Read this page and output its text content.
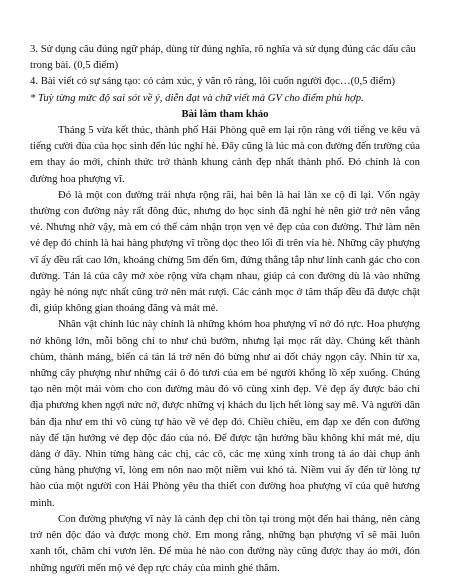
3. Sử dụng câu đúng ngữ pháp, dùng từ đúng nghĩa, rõ nghĩa và sử dụng đúng các dấu câu trong bài. (0,5 điểm)

4. Bài viết có sự sáng tạo: có cảm xúc, ý văn rõ ràng, lôi cuốn người đọc…(0,5 điểm)

* Tuỳ từng mức độ sai sót về ý, diễn đạt và chữ viết mà GV cho điểm phù hợp.

Bài làm tham khảo

Tháng 5 vừa kết thúc, thành phố Hải Phòng quê em lại rộn ràng với tiếng ve kêu và tiếng cười đùa của học sinh đến lúc nghỉ hè. Đây cũng là lúc mà con đường đến trường của em thay áo mới, chính thức trở thành khung cảnh đẹp nhất thành phố. Đó chính là con đường hoa phượng vĩ.

Đó là một con đường trải nhựa rộng rãi, hai bên là hai làn xe cộ đi lại. Vốn ngày thường con đường này rất đông đúc, nhưng do học sinh đã nghỉ hè nên giờ trở nên vắng vẻ. Nhưng nhờ vậy, mà em có thể cảm nhận trọn vẹn vẻ đẹp của con đường. Thứ làm nên vẻ đẹp đó chính là hai hàng phượng vĩ trồng dọc theo lối đi trên vỉa hè. Những cây phượng vĩ ấy đều rất cao lớn, khoảng chừng 5m đến 6m, đứng thẳng tắp như lính canh gác cho con đường. Tán lá của cây mở xòe rộng vừa chạm nhau, giúp cả con đường dù là vào những ngày hè nóng nực nhất cũng trở nên mát rượi. Các cảnh mọc ở tâm thấp đều đã được chặt đi, giúp không gian thoáng đãng và mát mẻ.

Nhân vật chính lúc này chính là những khóm hoa phượng vĩ nở đỏ rực. Hoa phượng nở không lớn, mỗi bông chỉ to như chú bướm, nhưng lại mọc rất dày. Chúng kết thành chùm, thành mảng, biến cả tán lá trở nên đỏ bừng như ai đốt cháy ngọn cây. Nhìn từ xa, những cây phượng như những cái ô đỏ tươi của em bé người khổng lồ xếp xuống. Chúng tạo nên một mái vòm cho con đường màu đỏ vô cùng xinh đẹp. Vẻ đẹp ấy được báo chí địa phương khen ngợi nức nở, được những vị khách du lịch hết lòng say mê. Và người dân bản địa như em thì vô cùng tự hào về vẻ đẹp đó. Chiều chiều, em đạp xe đến con đường này để tận hưởng vẻ đẹp độc đáo của nó. Để được tận hưởng bầu không khí mát mẻ, dịu dàng ở đây. Nhìn từng hàng các chị, các cô, các mẹ xúng xính trong tà áo dài chụp ảnh cùng hàng phượng vĩ, lòng em nôn nao một niềm vui khó tả. Niềm vui ấy đến từ lòng tự hào của một người con Hải Phòng yêu tha thiết con đường hoa phượng vĩ của quê hương mình.

Con đường phượng vĩ này là cảnh đẹp chỉ tồn tại trong một đến hai tháng, nên càng trở nên độc đáo và được mong chờ. Em mong rằng, những bạn phượng vĩ sẽ mãi luôn xanh tốt, chăm chỉ vươn lên. Để mùa hè nào con đường này cũng được thay áo mới, đón những người mến mộ vẻ đẹp rực cháy của mình ghé thăm.
